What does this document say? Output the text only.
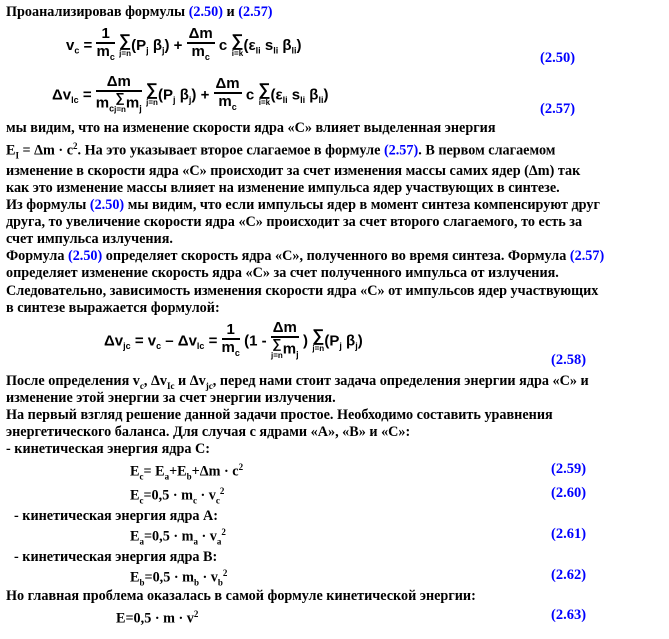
Проанализировав формулы (2.50) и (2.57)
$v_c = \frac{1}{m_c}$
∑
j=n ($P_j$ $\beta_j) + \frac{\Delta m}{m_c}$ c ∑
i=k ($\varepsilon_{li}$ $s_{li}$ $\beta_{li}$)
(2.50)
$\Delta v_{lc} = \Delta m$
$m_c$
∑
j=n $m_j$
∑
j=n ($P_j$ $\beta_j) + \frac{\Delta m}{m_c}$ c ∑
i=k ($\varepsilon_{li}$ $s_{li}$ $\beta_{li}$)
(2.57)
мы видим, что на изменение скорости ядра «С» влияет выделенная энергия
$E_I = \Delta m \cdot c^2$. На это указывает второе слагаемое в формуле (2.57). В первом слагаемом
изменение в скорости ядра «С» происходит за счет изменения массы самих ядер (Δm) так
как это изменение массы влияет на изменение импульса ядер участвующих в синтезе.
Из формулы (2.50) мы видим, что если импульсы ядер в момент синтеза компенсируют друг
друга, то увеличение скорости ядра «С» происходит за счет второго слагаемого, то есть за
счет импульса излучения.
Формула (2.50) определяет скорость ядра «С», полученного во время синтеза. Формула (2.57)
определяет изменение скорость ядра «С» за счет полученного импульса от излучения.
Следовательно, зависимость изменения скорости ядра «С» от импульсов ядер участвующих
в синтезе выражается формулой:
$\Delta v_{jc} = v_c - \Delta v_{lc} = \frac{1}{m_c} (1 - \Delta m$
∑
j=n $m_j$ ) ∑
j=n ($P_j$ $\beta_j$)
(2.58)
После определения $v_c$, $\Delta v_{Ic}$ и $\Delta v_{jc}$, перед нами стоит задача определения энергии ядра «С» и
изменение этой энергии за счет энергии излучения.
На первый взгляд решение данной задачи простое. Необходимо составить уравнения
энергетического баланса. Для случая с ядрами «А», «В» и «С»:
- кинетическая энергия ядра С:
$E_c= E_a+E_b+\Delta m \cdot c^2$	(2.59)
$E_c=0,5 \cdot m_c \cdot v_c^2$	(2.60)
- кинетическая энергия ядра А:
$E_a=0,5 \cdot m_a \cdot v_a^2$	(2.61)
- кинетическая энергия ядра В:
$E_b=0,5 \cdot m_b \cdot v_b^2$	(2.62)
Но главная проблема оказалась в самой формуле кинетической энергии:
$E=0,5 \cdot m \cdot v^2$	(2.63)
